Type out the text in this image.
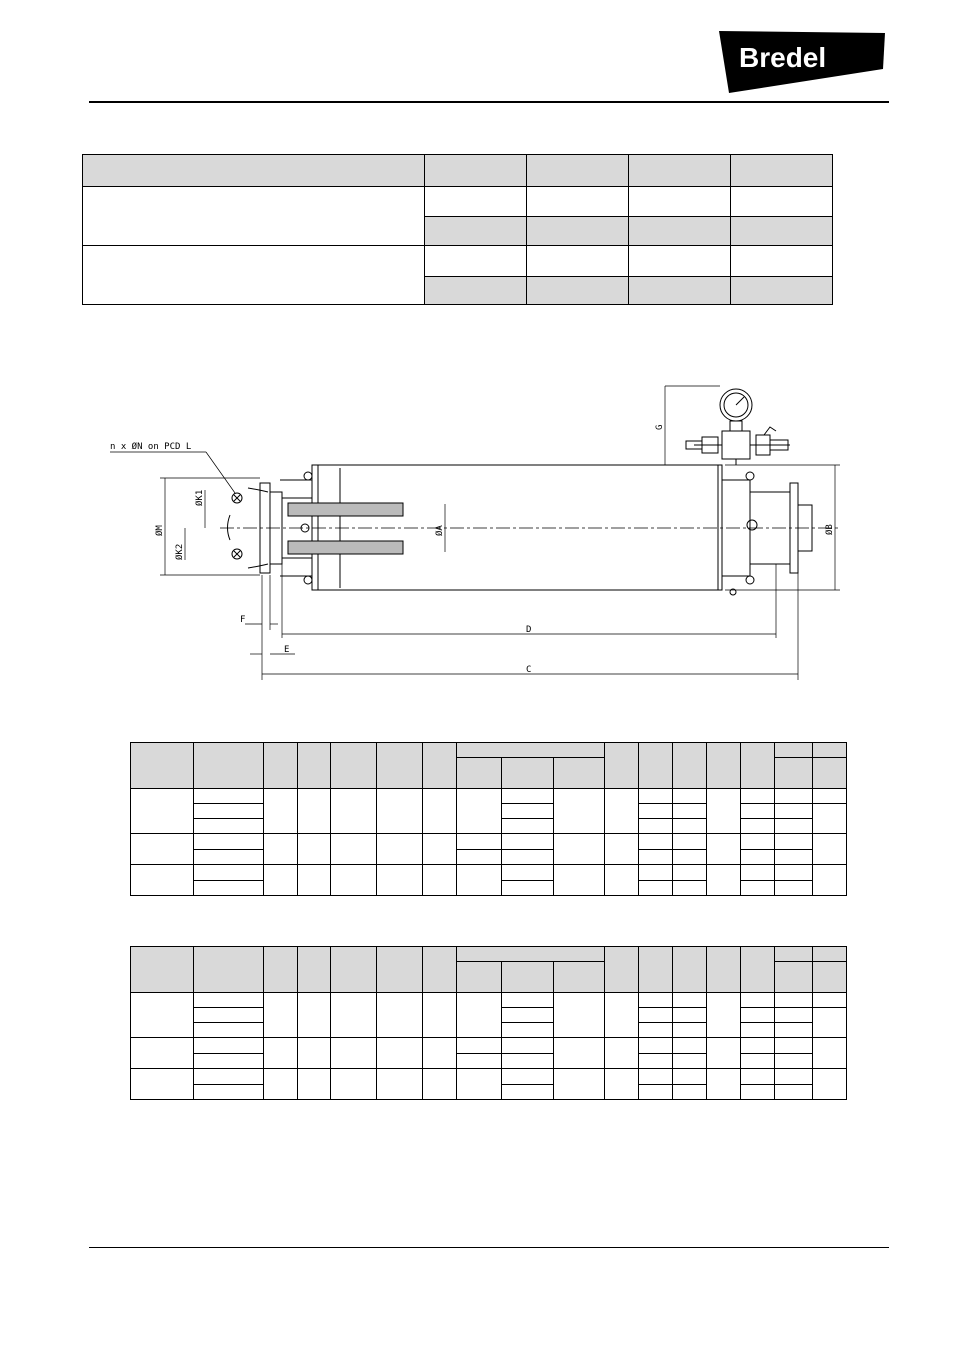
Bredel

n x ØN on PCD L
G
ØB
ØM
ØK1
ØK2
ØA
D
C
F
E
